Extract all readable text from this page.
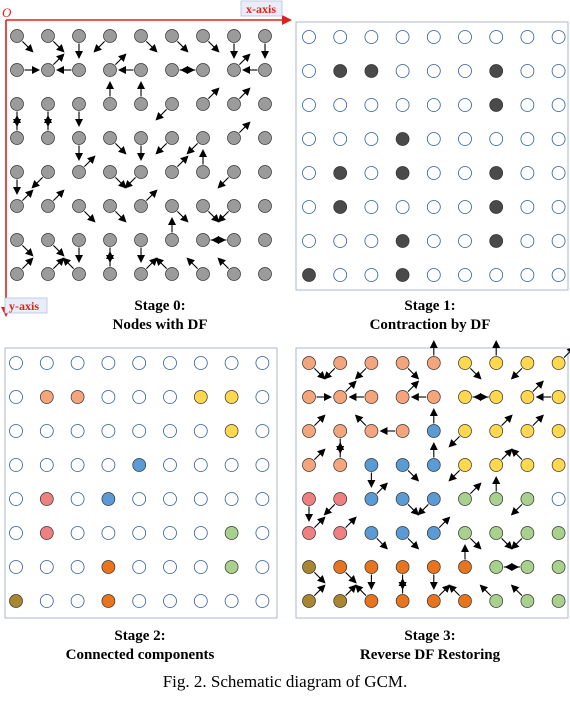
O	x-axis
y-axis	Stage 0:
Nodes with DF
Stage 1:
Contraction by DF
Stage 2:
Connected components
Stage 3:
Reverse DF Restoring
Fig. 2. Schematic diagram of GCM.
